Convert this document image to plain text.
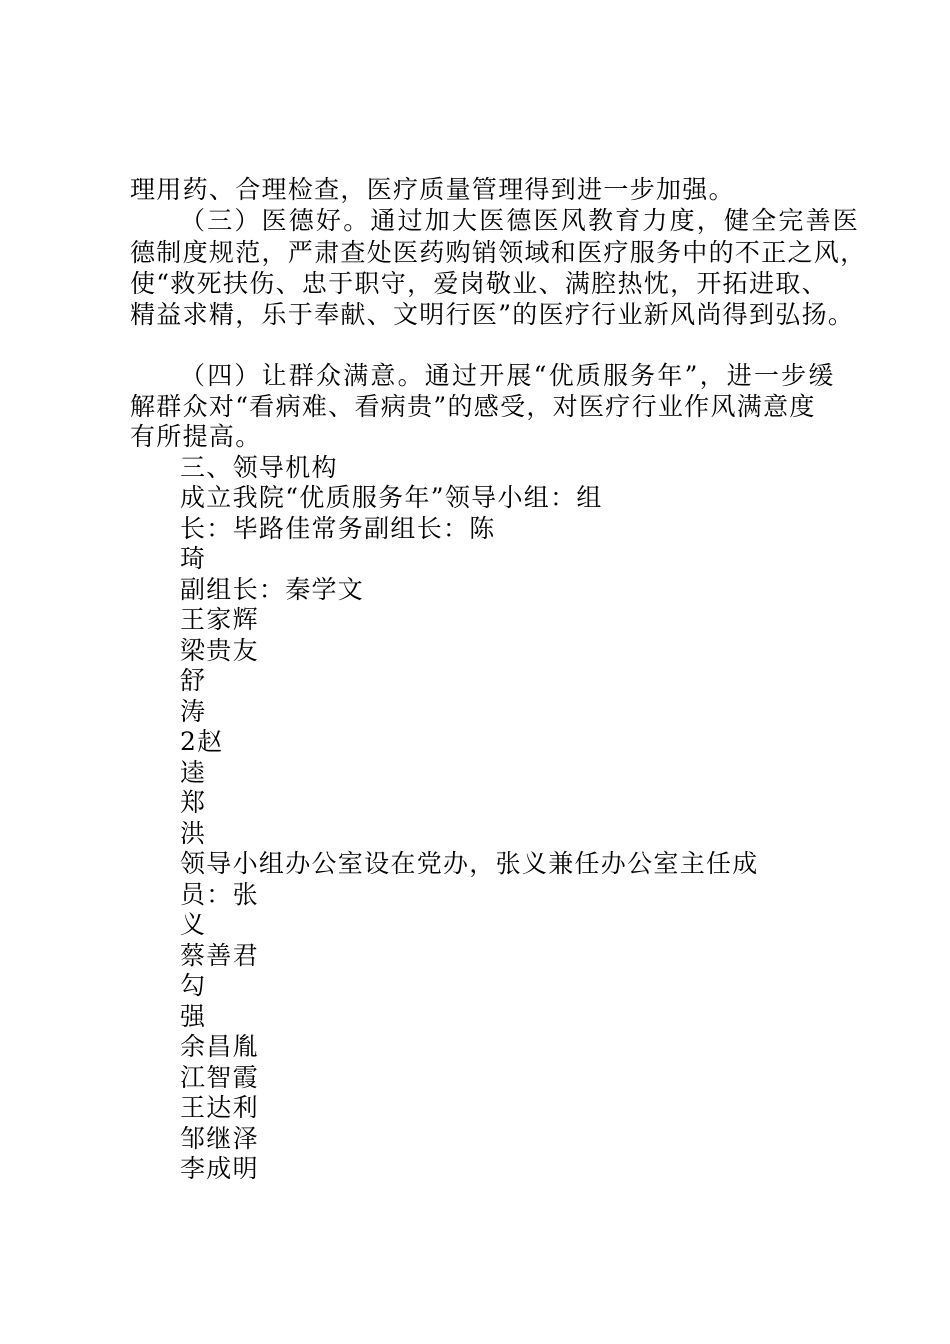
理用药、合理检查，医疗质量管理得到进一步加强。
（三）医德好。通过加大医德医风教育力度，健全完善医
德制度规范，严肃查处医药购销领域和医疗服务中的不正之风，
使“救死扶伤、忠于职守，爱岗敬业、满腔热忱，开拓进取、
精益求精，乐于奉献、文明行医”的医疗行业新风尚得到弘扬。
（四）让群众满意。通过开展“优质服务年”，进一步缓
解群众对“看病难、看病贵”的感受，对医疗行业作风满意度
有所提高。
三、领导机构
成立我院“优质服务年”领导小组：组
长：毕路佳常务副组长：陈
琦
副组长：秦学文
王家辉
梁贵友
舒
涛
2赵
逵
郑
洪
领导小组办公室设在党办，张义兼任办公室主任成
员：张
义
蔡善君
勾
强
余昌胤
江智霞
王达利
邹继泽
李成明
